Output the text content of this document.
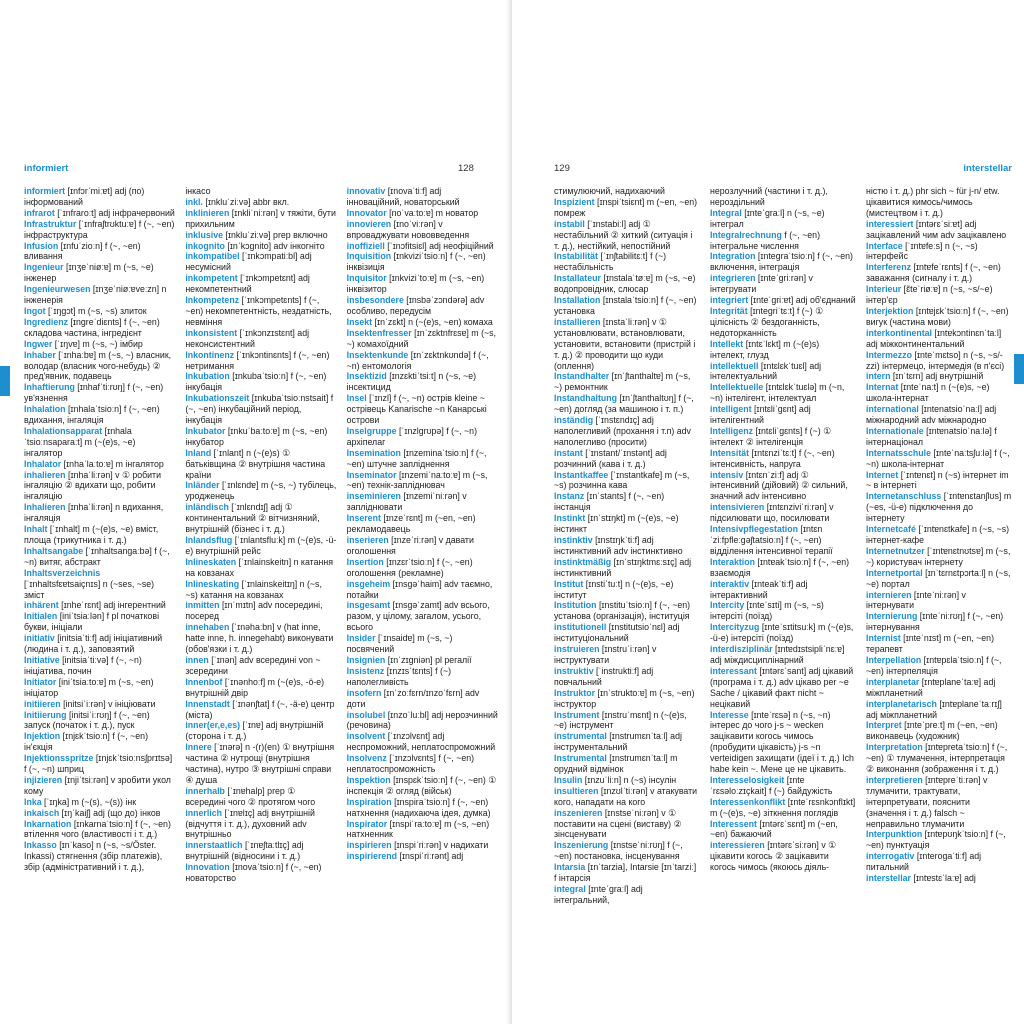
informiert	128

informiert [ɪnfɔrˈmiːɐt] adj (по) інформований

infrarot [ˈɪnfraroːt] adj інфрачервоний

Infrastruktur [ˈɪnfraʃtrʊktuːɐ] f (~, ~en) інфраструктура

Infusion [ɪnfuˈzioːn] f (~, ~en) вливання

Ingenieur [ɪnʒeˈniøːɐ] m (~s, ~e) інженер

Ingenieurwesen [ɪnʒeˈniøːɐveːzn] n інженерія

Ingot [ˈɪŋgɔt] m (~s, ~s) злиток

Ingredienz [ɪngreˈdiɛnts] f (~, ~en) складова частина, інгредієнт

Ingwer [ˈɪŋvɐ] m (~s, ~) імбир

Inhaber [ˈɪnhaːbɐ] m (~s, ~) власник, володар (власник чого-небудь) ② пред'явник, подавець

Inhaftierung [ɪnhafˈtiːrʊŋ] f (~, ~en) ув'язнення

Inhalation [ɪnhalaˈtsioːn] f (~, ~en) вдихання, інгаляція

Inhalationsapparat [ɪnhalaˈtsioːnsaparaːt] m (~(e)s, ~e) інгалятор

Inhalator [ɪnhaˈlaːtoːɐ] m інгалятор

inhalieren [ɪnhaˈliːrən] v ① робити інгаляцію ② вдихати що, робити інгаляцію

Inhalieren [ɪnhaˈliːrən] n вдихання, інгаляція

Inhalt [ˈɪnhalt] m (~(e)s, ~e) вміст, площа (трикутника і т. д.)

Inhaltsangabe [ˈɪnhaltsangaːbə] f (~, ~n) витяг, абстракт

Inhaltsverzeichnis [ˈɪnhaltsfɛɐtsaiçnɪs] n (~ses, ~se) зміст

inhärent [ɪnheˈrɛnt] adj інгерентний

Initialen [iniˈtsiaːlən] f pl початкові букви, ініціали

initiativ [initsiaˈtiːf] adj ініціативний (людина і т. д.), заповзятий

Initiative [initsiaˈtiːvə] f (~, ~n) ініціатива, почин

Initiator [iniˈtsiaːtoːɐ] m (~s, ~en) ініціатор

initiieren [initsiˈiːrən] v ініціювати

Initiierung [initsiˈiːrʊŋ] f (~, ~en) запуск (початок і т. д.), пуск

Injektion [ɪnjɛkˈtsioːn] f (~, ~en) ін'єкція

Injektionsspritze [ɪnjɛkˈtsioːnsʃprɪtsə] f (~, ~n) шприц

injizieren [ɪnjiˈtsiːrən] v зробити укол кому

Inka [ˈɪŋka] m (~(s), ~(s)) інк

inkaisch [ɪŋˈkaiʃ] adj (що до) інков

Inkarnation [ɪnkarnaˈtsioːn] f (~, ~en) втілення чого (властивості і т. д.)

Inkasso [ɪnˈkaso] n (~s, ~s/Öster. Inkassi) стягнення (збір платежів), збір (адміністративний і т. д.),

інкасо

inkl. [ɪnkluˈziːvə] abbr вкл.

inklinieren [ɪnkliˈniːrən] v тяжіти, бути прихильним

inklusive [ɪnkluˈziːvə] prep включно

inkognito [ɪnˈkɔgnito] adv інкогніто

inkompatibel [ˈɪnkɔmpatiːbl] adj несумісний

inkompetent [ˈɪnkɔmpetɛnt] adj некомпетентний

Inkompetenz [ˈɪnkɔmpetɛnts] f (~, ~en) некомпетентність, нездатність, невміння

inkonsistent [ˈɪnkɔnzɪstɛnt] adj неконсистентний

Inkontinenz [ˈɪnkɔntinɛnts] f (~, ~en) нетримання

Inkubation [ɪnkubaˈtsioːn] f (~, ~en) інкубація

Inkubationszeit [ɪnkubaˈtsioːnstsait] f (~, ~en) інкубаційний період, інкубація

Inkubator [ɪnkuˈbaːtoːɐ] m (~s, ~en) інкубатор

Inland [ˈɪnlant] n (~(e)s) ① батьківщина ② внутрішня частина країни

Inländer [ˈɪnlɛndɐ] m (~s, ~) тубілець, уродженець

inländisch [ˈɪnlɛndɪʃ] adj ① континентальний ② вітчизняний, внутрішній (бізнес і т. д.)

Inlandsflug [ˈɪnlantsfluːk] m (~(e)s, -ü-e) внутрішній рейс

Inlineskaten [ˈɪnlainskeitn] n катання на ковзанах

Inlineskating [ˈɪnlainskeitɪŋ] n (~s, ~s) катання на ковзанах

inmitten [ɪnˈmɪtn] adv посередині, посеред

innehaben [ˈɪnəhaːbn] v (hat inne, hatte inne, h. innegehabt) виконувати (обов'язки і т. д.)

innen [ˈɪnən] adv всередині von ~ зсередини

Innenbof [ˈɪnənhoːf] m (~(e)s, -ö-e) внутрішній двір

Innenstadt [ˈɪnənʃtat] f (~, -ä-e) центр (міста)

inner(er,e,es) [ˈɪnɐ] adj внутрішній (сторона і т. д.)

Innere [ˈɪnərə] n -(r)(en) ① внутрішня частина ② нутрощі (внутрішня частина), нутро ③ внутрішні справи ④ душа

innerhalb [ˈɪnɐhalp] prep ① всередині чого ② протягом чого

innerlich [ˈɪnɐlɪç] adj внутрішній (відчуття і т. д.), духовний adv внутрішньо

innerstaatlich [ˈɪnɐʃtaːtlɪç] adj внутрішній (відносини і т. д.)

Innovation [ɪnovaˈtsioːn] f (~, ~en) новаторство

innovativ [ɪnovaˈtiːf] adj інноваційний, новаторський

Innovator [noˈvaːtoːɐ] m новатор

innovieren [ɪnoˈviːrən] v впроваджувати нововведення

inoffiziell [ˈɪnɔfitsiɛl] adj неофіційний

Inquisition [ɪnkviziˈtsioːn] f (~, ~en) інквізиція

Inquisitor [ɪnkviziˈtoːɐ] m (~s, ~en) інквізитор

insbesondere [ɪnsbəˈzɔndərə] adv особливо, передусім

Insekt [ɪnˈzɛkt] n (~(e)s, ~en) комаха

Insektenfresser [ɪnˈzɛktnfrɛsɐ] m (~s, ~) комахоїдний

Insektenkunde [ɪnˈzɛktnkʊndə] f (~, ~n) ентомологія

Insektizid [ɪnzɛktiˈtsiːt] n (~s, ~e) інсектицид

Insel [ˈɪnzl] f (~, ~n) острів kleine ~ острівець Kanarische ~n Канарські острови

Inselgruppe [ˈɪnzlgrʊpə] f (~, ~n) архіпелаг

Insemination [ɪnzeminaˈtsioːn] f (~, ~en) штучне запліднення

Inseminator [ɪnzemiˈnaːtoːɐ] m (~s, ~en) технік-запліднювач

inseminieren [ɪnzemiˈniːrən] v запліднювати

Inserent [ɪnzeˈrɛnt] m (~en, ~en) рекламодавець

inserieren [ɪnzeˈriːrən] v давати оголошення

Insertion [ɪnzɛrˈtsioːn] f (~, ~en) оголошення (рекламне)

insgeheim [ɪnsgəˈhaim] adv таємно, потайки

insgesamt [ɪnsgəˈzamt] adv всього, разом, у цілому, загалом, усього, всього

Insider [ˈɪnsaidɐ] m (~s, ~) посвячений

Insignien [ɪnˈzɪgniən] pl регалії

Insistenz [ɪnzɪsˈtɛnts] f (~) наполегливість

insofern [ɪnˈzoːfɛrn/ɪnzoˈfɛrn] adv доти

insolubel [ɪnzoˈluːbl] adj нерозчинний (речовина)

insolvent [ˈɪnzɔlvɛnt] adj неспроможний, неплатоспроможний

Insolvenz [ˈɪnzɔlvɛnts] f (~, ~en) неплатоспроможність

Inspektion [ɪnspɛkˈtsioːn] f (~, ~en) ① інспекція ② огляд (військ)

Inspiration [ɪnspiraˈtsioːn] f (~, ~en) натхнення (надихаюча ідея, думка)

Inspirator [ɪnspiˈraːtoːɐ] m (~s, ~en) натхненник

inspirieren [ɪnspiˈriːrən] v надихати

inspirierend [ɪnspiˈriːrənt] adj

129	interstellar

стимулюючий, надихаючий

Inspizient [ɪnspiˈtsiɛnt] m (~en, ~en) помреж

instabil [ˈɪnstabiːl] adj ① нестабільний ② хиткий (ситуація і т. д.), нестійкий, непостійний

Instabilität [ˈɪnʃtabilitɛːt] f (~) нестабільність

Installateur [ɪnstalaˈtøːɐ] m (~s, ~e) водопровідник, слюсар

Installation [ɪnstalaˈtsioːn] f (~, ~en) установка

installieren [ɪnstaˈliːrən] v ① установлювати, встановлювати, установити, встановити (пристрій і т. д.) ② проводити що куди (оплення)

Instandhalter [ɪnˈʃtanthaltɐ] m (~s, ~) ремонтник

Instandhaltung [ɪnˈʃtanthaltʊŋ] f (~, ~en) догляд (за машиною і т. п.)

inständig [ˈɪnstɛndɪç] adj наполегливий (прохання і т.п) adv наполегливо (просити)

instant [ˈɪnstant/ˈɪnstənt] adj розчинний (кава і т. д.)

Instantkaffee [ˈɪnstantkafe] m (~s, ~s) розчинна кава

Instanz [ɪnˈstants] f (~, ~en) інстанція

Instinkt [ɪnˈstɪŋkt] m (~(e)s, ~e) інстинкт

instinktiv [ɪnstɪŋkˈtiːf] adj інстинктивний adv інстинктивно

instinktmäßig [ɪnˈstɪŋktmɛːsɪç] adj інстинктивний

Institut [ɪnstiˈtuːt] n (~(e)s, ~e) інститут

Institution [ɪnstituˈtsioːn] f (~, ~en) установа (організація), інституція

institutionell [ɪnstitutsioˈnɛl] adj інституціональний

instruieren [ɪnstruˈiːrən] v інструктувати

instruktiv [ˈinstruktiːf] adj повчальний

Instruktor [ɪnˈstruktoːɐ] m (~s, ~en) інструктор

Instrument [ɪnstruˈmɛnt] n (~(e)s, ~e) інструмент

instrumental [ɪnstrumɛnˈtaːl] adj інструментальний

Instrumental [ɪnstrumɛnˈtaːl] m орудний відмінок

Insulin [ɪnzuˈliːn] n (~s) інсулін

insultieren [ɪnzʊlˈtiːrən] v атакувати кого, нападати на кого

inszenieren [ɪnstseˈniːrən] v ① поставити на сцені (виставу) ② зінсценувати

Inszenierung [ɪnstseˈniːrʊŋ] f (~, ~en) постановка, інсценування

Intarsia [ɪnˈtarzia], Intarsie [ɪnˈtarziː] f інтарсія

integral [ɪnteˈgraːl] adj інтегральний,

нерозлучний (частини і т. д.), нероздільний

Integral [ɪnteˈgraːl] n (~s, ~e) інтеграл

Integralrechnung f (~, ~en) інтегральне числення

Integration [ɪntegraˈtsioːn] f (~, ~en) включення, інтеграція

integrieren [ɪnteˈgriːrən] v інтегрувати

integriert [ɪnteˈgriːɐt] adj об'єднаний

Integrität [ɪntegriˈtɛːt] f (~) ① цілісність ② бездоганність, недоторканність

Intellekt [ɪntɛˈlɛkt] m (~(e)s) інтелект, глузд

intellektuell [ɪntɛlɛkˈtuɛl] adj інтелектуальний

Intellektuelle [ɪntɛlɛkˈtuɛlə] m (~n, ~n) інтелігент, інтелектуал

intelligent [ɪntɛliˈgɛnt] adj інтелігентний

Intelligenz [ɪntɛliˈgɛnts] f (~) ① інтелект ② інтелігенція

Intensität [ɪntɛnziˈtɛːt] f (~, ~en) інтенсивність, напруга

intensiv [ɪntɛnˈziːf] adj ① інтенсивний (дійовий) ② сильний, значний adv інтенсивно

intensivieren [ɪntɛnziviˈriːrən] v підсилювати що, посилювати

Intensivpflegestation [ɪntɛnˈziːfpfleːgəʃtatsioːn] f (~, ~en) відділення інтенсивної терапії

Interaktion [ɪntɐakˈtsioːn] f (~, ~en) взаємодія

interaktiv [ɪnteakˈtiːf] adj інтерактивний

Intercity [ɪnteˈsɪti] m (~s, ~s) інтерсіті (поїзд)

Intercityzug [ɪnteˈsɪtitsuːk] m (~(e)s, -ü-e) інтерсіті (поїзд)

interdisziplinär [ɪntɐdɪstsipliˈnɛːɐ] adj міждисциплінарний

interessant [ɪntərɛˈsant] adj цікавий (програма і т. д.) adv цікаво per ~e Sache / цікавий факт nicht ~ нецікавий

Interesse [ɪnteˈrɛsə] n (~s, ~n) інтерес до чого j-s ~ wecken зацікавити когось чимось (пробудити цікавість) j-s ~n verteidigen захищати (ідеї і т. д.) Ich habe kein ~. Мене це не цікавить.

Interesselosigkeit [ɪnteˈrɛsəloːzɪçkait] f (~) байдужість

Interessenkonflikt [ɪnteˈrɛsnkɔnflɪkt] m (~(e)s, ~e) зіткнення поглядів

Interessent [ɪntərɛˈsɛnt] m (~en, ~en) бажаючий

interessieren [ɪntərɛˈsiːrən] v ① цікавити когось ② зацікавити когось чимось (якоюсь діяль-

ністю і т. д.) phr sich ~ für j-n/ etw. цікавитися кимось/чимось (мистецтвом і т. д.)

interessiert [ɪntərɛˈsiːɐt] adj зацікавлений чим adv зацікавлено

Interface [ˈɪntɐfeːs] n (~, ~s) інтерфейс

Interferenz [ɪntɐfeˈrɛnts] f (~, ~en) заважання (сигналу і т. д.)

Interieur [ɛ̃teˈriøːɐ] n (~s, ~s/~e) інтер'єр

Interjektion [ɪntɐjɛkˈtsioːn] f (~, ~en) вигук (частина мови)

interkontinental [ɪntɐkɔntinɛnˈtaːl] adj міжконтинентальний

Intermezzo [ɪnteˈmɛtso] n (~s, ~s/-zzi) інтермецо, інтермедія (в п'єсі)

intern [ɪnˈtɛrn] adj внутрішній

Internat [ɪnteˈnaːt] n (~(e)s, ~e) школа-інтернат

international [ɪntenatsioˈnaːl] adj міжнародний adv міжнародно

Internationale [ɪntɐnatsioˈnaːlə] f інтернаціонал

Internatsschule [ɪnteˈnaːtsʃuːlə] f (~, ~n) школа-інтернат

Internet [ˈɪntɐnɛt] n (~s) інтернет im ~ в інтернеті

Internetanschluss [ˈɪntɐnɛtanʃlʊs] m (~es, -ü-e) підключення до інтернету

Internetcafé [ˈɪntɐnɛtkafe] n (~s, ~s) інтернет-кафе

Internetnutzer [ˈɪntɐnɛtnʊtsɐ] m (~s, ~) користувач інтернету

Internetportal [ɪnˈtɛrnɛtpɔrtaːl] n (~s, ~e) портал

internieren [ɪnteˈniːrən] v інтернувати

Internierung [ɪnteˈniːrʊŋ] f (~, ~en) інтернування

Internist [ɪnteˈnɪst] m (~en, ~en) терапевт

Interpellation [ɪntɐpɛlaˈtsioːn] f (~, ~en) інтерпеляція

interplanetar [ɪntɐplaneˈtaːɐ] adj міжпланетний

interplanetarisch [ɪntɐplaneˈtaːrɪʃ] adj міжпланетний

Interpret [ɪnteˈpreːt] m (~en, ~en) виконавець (художник)

Interpretation [ɪntɐpretaˈtsioːn] f (~, ~en) ① тлумачення, інтерпретація ② виконання (зображення і т. д.)

interpretieren [ɪntɐpreˈtiːrən] v тлумачити, трактувати, інтерпретувати, пояснити (значення і т. д.) falsch ~ неправильно тлумачити

Interpunktion [ɪntɐpʊŋkˈtsioːn] f (~, ~en) пунктуація

interrogativ [ɪnteroɡaˈtiːf] adj питальний

interstellar [ɪntɐstɛˈlaːɐ] adj
